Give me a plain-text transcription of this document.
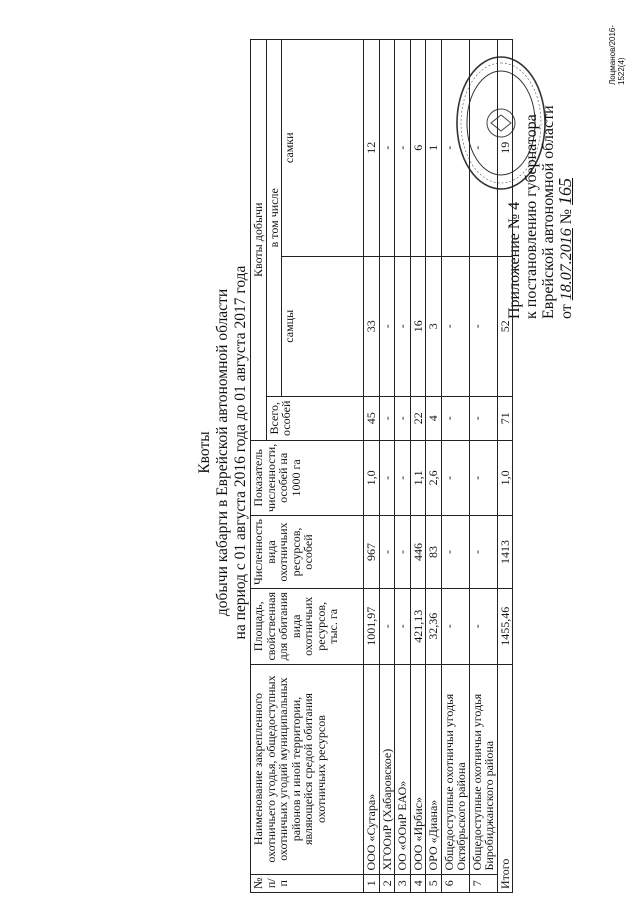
Приложение № 4 к постановлению губернатора Еврейской автономной области от 18.07.2016 № 165
Квоты добычи кабарги в Еврейской автономной области на период с 01 августа 2016 года до 01 августа 2017 года
№ п/п	Наименование закрепленного охотничьего угодья, общедоступных охотничьих угодий муниципальных районов и иной территории, являющейся средой обитания охотничьих ресурсов	Площадь, свойственная для обитания вида охотничьих ресурсов, тыс. га	Численность вида охотничьих ресурсов, особей	Показатель численности, особей на 1000 га	Квоты добычи		
					Всего, особей	в том числе	
						самцы	самки
1	ООО «Сутара»	1001,97	967	1,0	45	33	12
2	ХГООиР (Хабаровское)	-	-	-	-	-	-
3	ОО «ООиР ЕАО»	-	-	-	-	-	-
4	ООО «Ирбис»	421,13	446	1,1	22	16	6
5	ОРО «Диана»	32,36	83	2,6	4	3	1
6	Общедоступные охотничьи угодья Октябрьского района	-	-	-	-	-	-
7	Общедоступные охотничьи угодья Биробиджанского района	-	-	-	-	-	-
Итого		1455,46	1413	1,0	71	52	19
Лоцманов/2016-1522(4)
